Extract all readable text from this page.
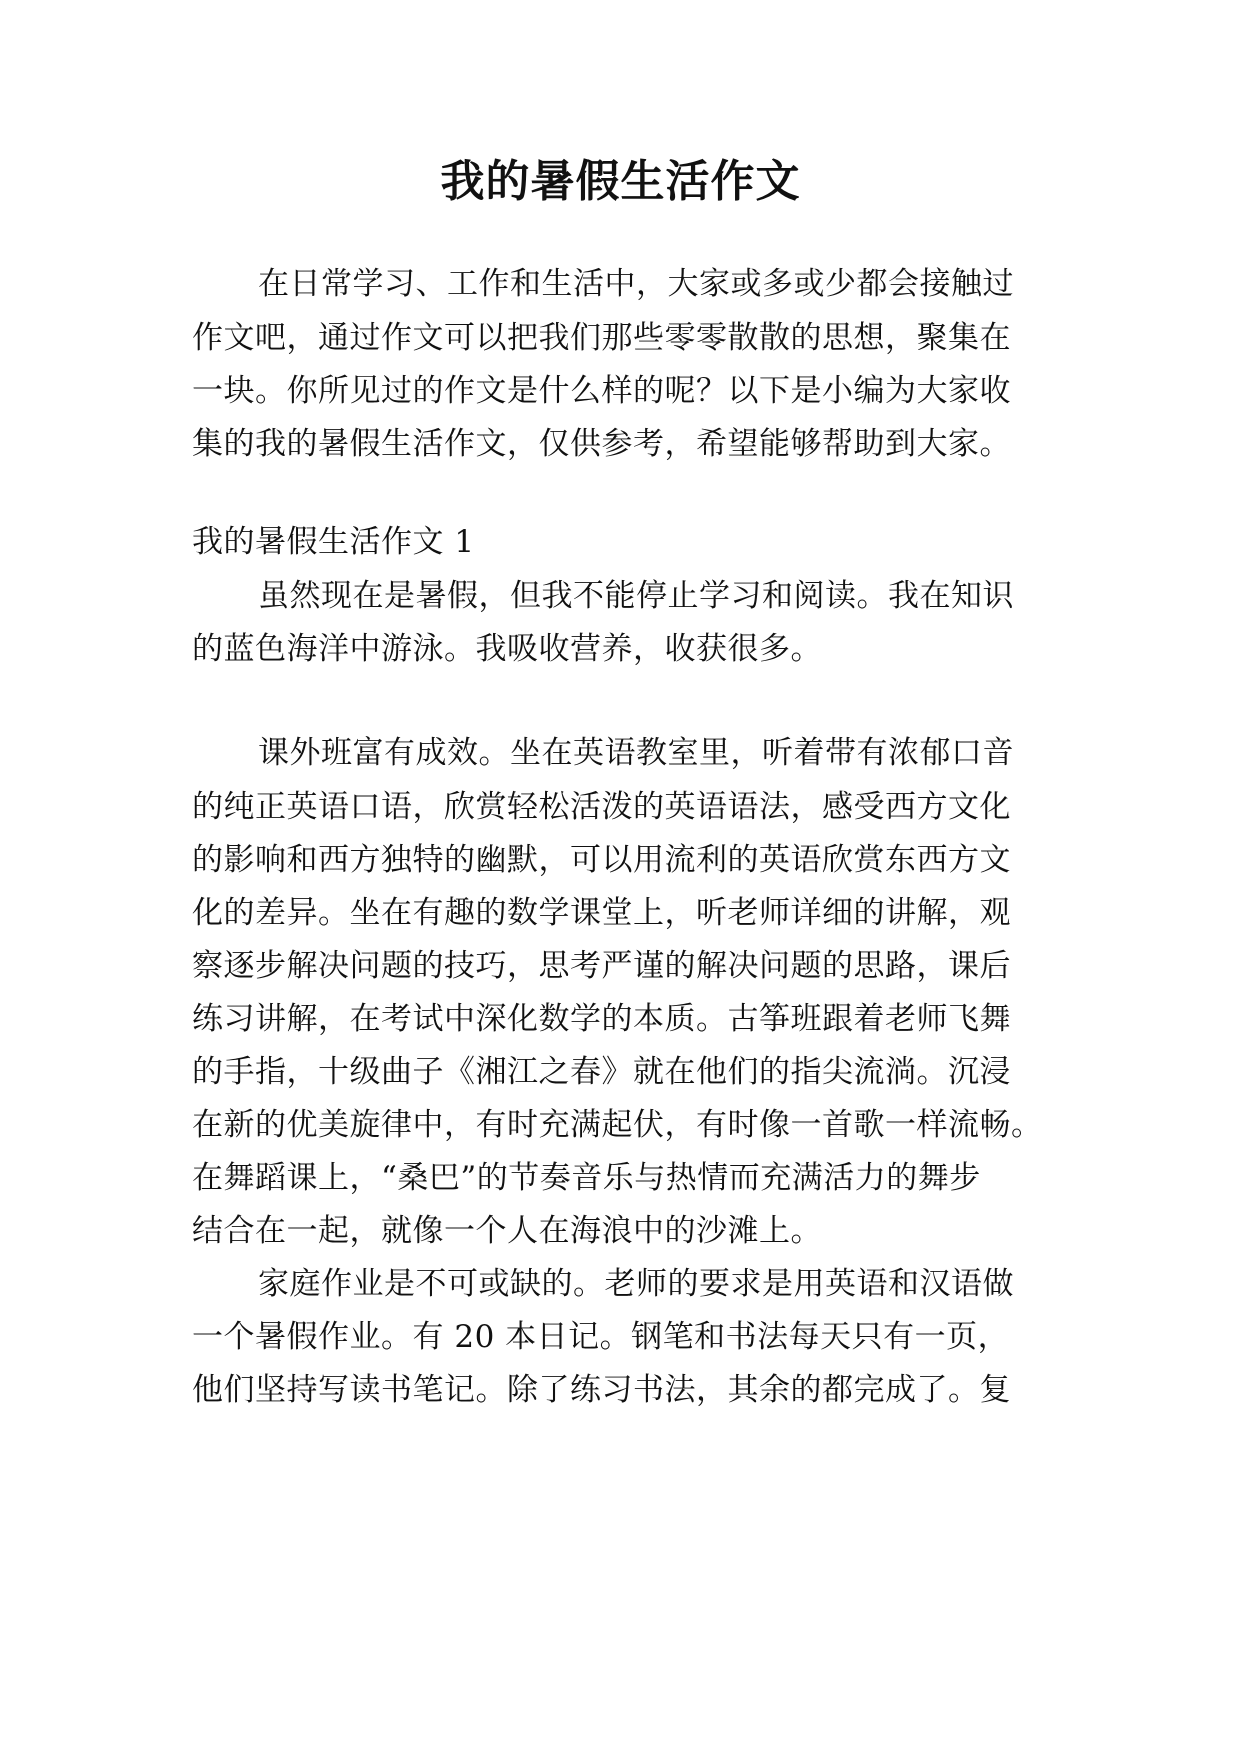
我的暑假生活作文
在日常学习、工作和生活中，大家或多或少都会接触过
作文吧，通过作文可以把我们那些零零散散的思想，聚集在
一块。你所见过的作文是什么样的呢？以下是小编为大家收
集的我的暑假生活作文，仅供参考，希望能够帮助到大家。
我的暑假生活作文 1
虽然现在是暑假，但我不能停止学习和阅读。我在知识
的蓝色海洋中游泳。我吸收营养，收获很多。
课外班富有成效。坐在英语教室里，听着带有浓郁口音
的纯正英语口语，欣赏轻松活泼的英语语法，感受西方文化
的影响和西方独特的幽默，可以用流利的英语欣赏东西方文
化的差异。坐在有趣的数学课堂上，听老师详细的讲解，观
察逐步解决问题的技巧，思考严谨的解决问题的思路，课后
练习讲解，在考试中深化数学的本质。古筝班跟着老师飞舞
的手指，十级曲子《湘江之春》就在他们的指尖流淌。沉浸
在新的优美旋律中，有时充满起伏，有时像一首歌一样流畅。
在舞蹈课上，“桑巴”的节奏音乐与热情而充满活力的舞步
结合在一起，就像一个人在海浪中的沙滩上。
家庭作业是不可或缺的。老师的要求是用英语和汉语做
一个暑假作业。有 20 本日记。钢笔和书法每天只有一页，
他们坚持写读书笔记。除了练习书法，其余的都完成了。复
